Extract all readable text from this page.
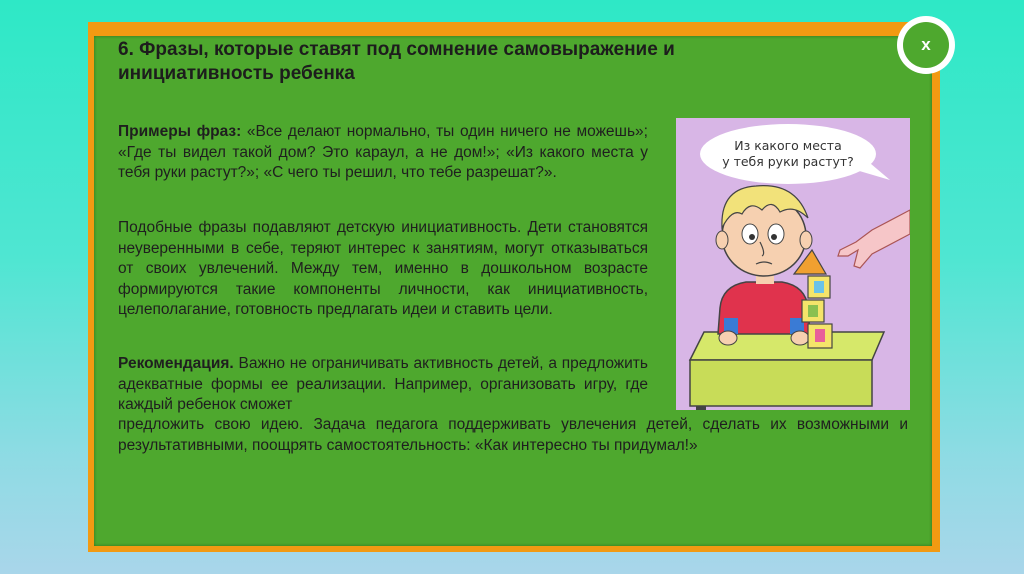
6. Фразы, которые ставят под сомнение самовыражение и инициативность ребенка
Примеры фраз: «Все делают нормально, ты один ничего не можешь»; «Где ты видел такой дом? Это караул, а не дом!»; «Из какого места у тебя руки растут?»; «С чего ты решил, что тебе разрешат?».
Подобные фразы подавляют детскую инициативность. Дети становятся неуверенными в себе, теряют интерес к занятиям, могут отказываться от своих увлечений. Между тем, именно в дошкольном возрасте формируются такие компоненты личности, как инициативность, целеполагание, готовность предлагать идеи и ставить цели.
Рекомендация. Важно не ограничивать активность детей, а предложить адекватные формы ее реализации. Например, организовать игру, где каждый ребенок сможет
предложить свою идею. Задача педагога поддерживать увлечения детей, сделать их возможными и результативными, поощрять самостоятельность: «Как интересно ты придумал!»
x
Из какого места
у тебя руки растут?
